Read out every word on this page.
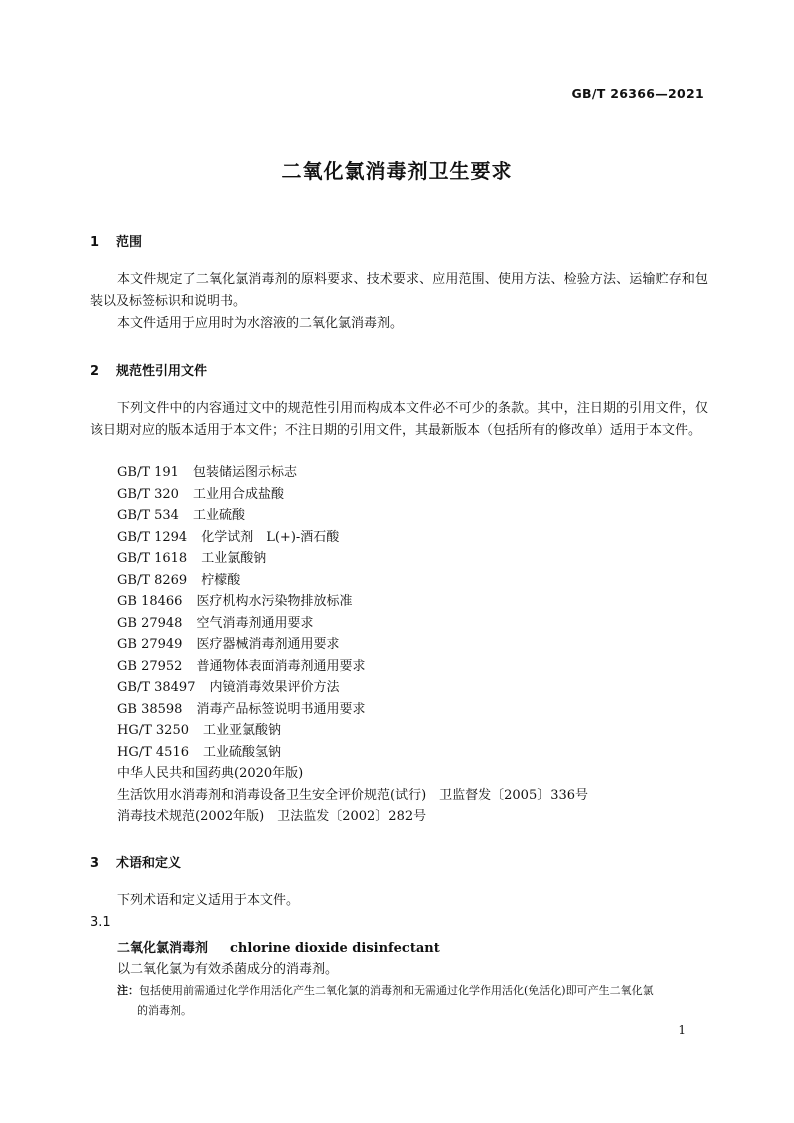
GB/T 26366—2021
二氧化氯消毒剂卫生要求
1 范围
本文件规定了二氧化氯消毒剂的原料要求、技术要求、应用范围、使用方法、检验方法、运输贮存和包装以及标签标识和说明书。
本文件适用于应用时为水溶液的二氧化氯消毒剂。
2 规范性引用文件
下列文件中的内容通过文中的规范性引用而构成本文件必不可少的条款。其中，注日期的引用文件，仅该日期对应的版本适用于本文件；不注日期的引用文件，其最新版本（包括所有的修改单）适用于本文件。
GB/T 191 包装储运图示标志
GB/T 320 工业用合成盐酸
GB/T 534 工业硫酸
GB/T 1294 化学试剂　L(+)-酒石酸
GB/T 1618 工业氯酸钠
GB/T 8269 柠檬酸
GB 18466 医疗机构水污染物排放标准
GB 27948 空气消毒剂通用要求
GB 27949 医疗器械消毒剂通用要求
GB 27952 普通物体表面消毒剂通用要求
GB/T 38497 内镜消毒效果评价方法
GB 38598 消毒产品标签说明书通用要求
HG/T 3250 工业亚氯酸钠
HG/T 4516 工业硫酸氢钠
中华人民共和国药典(2020年版)
生活饮用水消毒剂和消毒设备卫生安全评价规范(试行)　卫监督发〔2005〕336号
消毒技术规范(2002年版)　卫法监发〔2002〕282号
3 术语和定义
下列术语和定义适用于本文件。
3.1
二氧化氯消毒剂 chlorine dioxide disinfectant
以二氧化氯为有效杀菌成分的消毒剂。
注：包括使用前需通过化学作用活化产生二氧化氯的消毒剂和无需通过化学作用活化(免活化)即可产生二氧化氯
的消毒剂。
1
